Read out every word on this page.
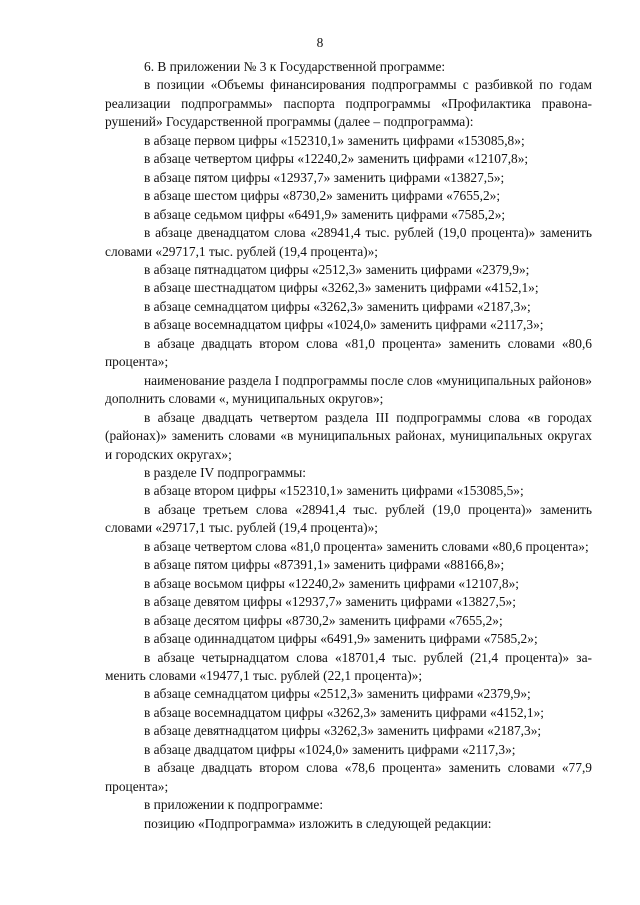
8

6. В приложении № 3 к Государственной программе:

в позиции «Объемы финансирования подпрограммы с разбивкой по годам реализации подпрограммы» паспорта подпрограммы «Профилактика правонарушений» Государственной программы (далее – подпрограмма):

в абзаце первом цифры «152310,1» заменить цифрами «153085,8»;

в абзаце четвертом цифры «12240,2» заменить цифрами «12107,8»;

в абзаце пятом цифры «12937,7» заменить цифрами «13827,5»;

в абзаце шестом цифры «8730,2» заменить цифрами «7655,2»;

в абзаце седьмом цифры «6491,9» заменить цифрами «7585,2»;

в абзаце двенадцатом слова «28941,4 тыс. рублей (19,0 процента)» заменить словами «29717,1 тыс. рублей (19,4 процента)»;

в абзаце пятнадцатом цифры «2512,3» заменить цифрами «2379,9»;

в абзаце шестнадцатом цифры «3262,3» заменить цифрами «4152,1»;

в абзаце семнадцатом цифры «3262,3» заменить цифрами «2187,3»;

в абзаце восемнадцатом цифры «1024,0» заменить цифрами «2117,3»;

в абзаце двадцать втором слова «81,0 процента» заменить словами «80,6 процента»;

наименование раздела I подпрограммы после слов «муниципальных районов» дополнить словами «, муниципальных округов»;

в абзаце двадцать четвертом раздела III подпрограммы слова «в городах (районах)» заменить словами «в муниципальных районах, муниципальных округах и городских округах»;

в разделе IV подпрограммы:

в абзаце втором цифры «152310,1» заменить цифрами «153085,5»;

в абзаце третьем слова «28941,4 тыс. рублей (19,0 процента)» заменить словами «29717,1 тыс. рублей (19,4 процента)»;

в абзаце четвертом слова «81,0 процента» заменить словами «80,6 процента»;

в абзаце пятом цифры «87391,1» заменить цифрами «88166,8»;

в абзаце восьмом цифры «12240,2» заменить цифрами «12107,8»;

в абзаце девятом цифры «12937,7» заменить цифрами «13827,5»;

в абзаце десятом цифры «8730,2» заменить цифрами «7655,2»;

в абзаце одиннадцатом цифры «6491,9» заменить цифрами «7585,2»;

в абзаце четырнадцатом слова «18701,4 тыс. рублей (21,4 процента)» заменить словами «19477,1 тыс. рублей (22,1 процента)»;

в абзаце семнадцатом цифры «2512,3» заменить цифрами «2379,9»;

в абзаце восемнадцатом цифры «3262,3» заменить цифрами «4152,1»;

в абзаце девятнадцатом цифры «3262,3» заменить цифрами «2187,3»;

в абзаце двадцатом цифры «1024,0» заменить цифрами «2117,3»;

в абзаце двадцать втором слова «78,6 процента» заменить словами «77,9 процента»;

в приложении к подпрограмме:

позицию «Подпрограмма» изложить в следующей редакции:
